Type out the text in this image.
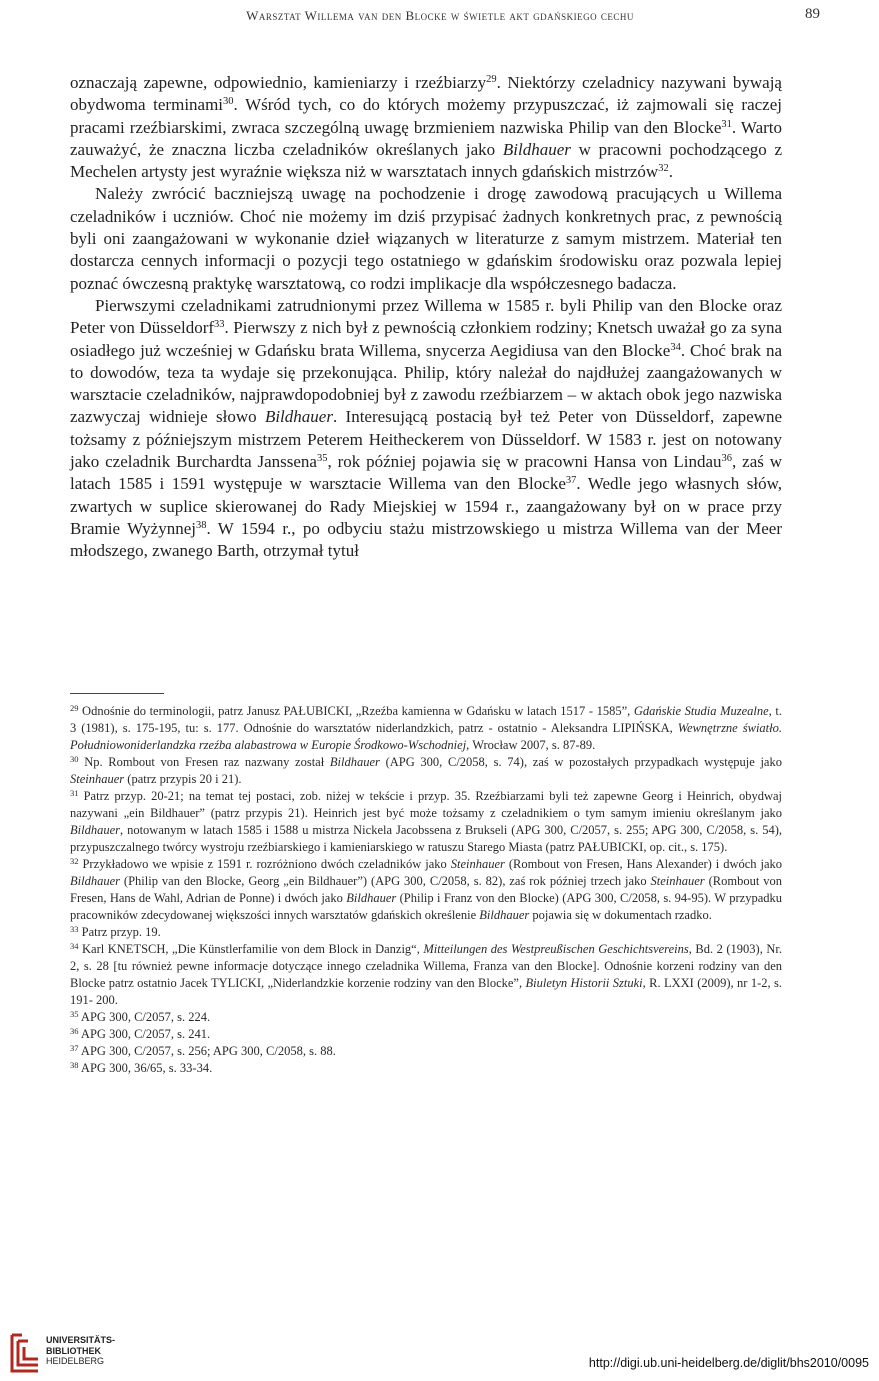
Warsztat Willema van den Blocke w świetle akt gdańskiego cechu	89

oznaczają zapewne, odpowiednio, kamieniarzy i rzeźbiarzy$^{29}$. Niektórzy czeladnicy nazywani bywają obydwoma terminami$^{30}$. Wśród tych, co do których możemy przypuszczać, iż zajmowali się raczej pracami rzeźbiarskimi, zwraca szczególną uwagę brzmieniem nazwiska Philip van den Blocke$^{31}$. Warto zauważyć, że znaczna liczba czeladników określanych jako Bildhauer w pracowni pochodzącego z Mechelen artysty jest wyraźnie większa niż w warsztatach innych gdańskich mistrzów$^{32}$.

Należy zwrócić baczniejszą uwagę na pochodzenie i drogę zawodową pracujących u Willema czeladników i uczniów. Choć nie możemy im dziś przypisać żadnych konkretnych prac, z pewnością byli oni zaangażowani w wykonanie dzieł wiązanych w literaturze z samym mistrzem. Materiał ten dostarcza cennych informacji o pozycji tego ostatniego w gdańskim środowisku oraz pozwala lepiej poznać ówczesną praktykę warsztatową, co rodzi implikacje dla współczesnego badacza.

Pierwszymi czeladnikami zatrudnionymi przez Willema w 1585 r. byli Philip van den Blocke oraz Peter von Düsseldorf$^{33}$. Pierwszy z nich był z pewnością członkiem rodziny; Knetsch uważał go za syna osiadłego już wcześniej w Gdańsku brata Willema, snycerza Aegidiusa van den Blocke$^{34}$. Choć brak na to dowodów, teza ta wydaje się przekonująca. Philip, który należał do najdłużej zaangażowanych w warsztacie czeladników, najprawdopodobniej był z zawodu rzeźbiarzem – w aktach obok jego nazwiska zazwyczaj widnieje słowo Bildhauer. Interesującą postacią był też Peter von Düsseldorf, zapewne tożsamy z późniejszym mistrzem Peterem Heitheckerem von Düsseldorf. W 1583 r. jest on notowany jako czeladnik Burchardta Janssena$^{35}$, rok później pojawia się w pracowni Hansa von Lindau$^{36}$, zaś w latach 1585 i 1591 występuje w warsztacie Willema van den Blocke$^{37}$. Wedle jego własnych słów, zwartych w suplice skierowanej do Rady Miejskiej w 1594 r., zaangażowany był on w prace przy Bramie Wyżynnej$^{38}$. W 1594 r., po odbyciu stażu mistrzowskiego u mistrza Willema van der Meer młodszego, zwanego Barth, otrzymał tytuł

$^{29}$ Odnośnie do terminologii, patrz Janusz PAŁUBICKI, „Rzeźba kamienna w Gdańsku w latach 1517 - 1585”, Gdańskie Studia Muzealne, t. 3 (1981), s. 175-195, tu: s. 177. Odnośnie do warsztatów niderlandzkich, patrz - ostatnio - Aleksandra LIPIŃSKA, Wewnętrzne światło. Południowoniderlandzka rzeźba alabastrowa w Europie Środkowo-Wschodniej, Wrocław 2007, s. 87-89.

$^{30}$ Np. Rombout von Fresen raz nazwany został Bildhauer (APG 300, C/2058, s. 74), zaś w pozostałych przypadkach występuje jako Steinhauer (patrz przypis 20 i 21).

$^{31}$ Patrz przyp. 20-21; na temat tej postaci, zob. niżej w tekście i przyp. 35. Rzeźbiarzami byli też zapewne Georg i Heinrich, obydwaj nazywani „ein Bildhauer” (patrz przypis 21). Heinrich jest być może tożsamy z czeladnikiem o tym samym imieniu określanym jako Bildhauer, notowanym w latach 1585 i 1588 u mistrza Nickela Jacobssena z Brukseli (APG 300, C/2057, s. 255; APG 300, C/2058, s. 54), przypuszczalnego twórcy wystroju rzeźbiarskiego i kamieniarskiego w ratuszu Starego Miasta (patrz PAŁUBICKI, op. cit., s. 175).

$^{32}$ Przykładowo we wpisie z 1591 r. rozróżniono dwóch czeladników jako Steinhauer (Rombout von Fresen, Hans Alexander) i dwóch jako Bildhauer (Philip van den Blocke, Georg „ein Bildhauer”) (APG 300, C/2058, s. 82), zaś rok później trzech jako Steinhauer (Rombout von Fresen, Hans de Wahl, Adrian de Ponne) i dwóch jako Bildhauer (Philip i Franz von den Blocke) (APG 300, C/2058, s. 94-95). W przypadku pracowników zdecydowanej większości innych warsztatów gdańskich określenie Bildhauer pojawia się w dokumentach rzadko.

$^{33}$ Patrz przyp. 19.

$^{34}$ Karl KNETSCH, „Die Künstlerfamilie von dem Block in Danzig“, Mitteilungen des Westpreußischen Geschichtsvereins, Bd. 2 (1903), Nr. 2, s. 28 [tu również pewne informacje dotyczące innego czeladnika Willema, Franza van den Blocke]. Odnośnie korzeni rodziny van den Blocke patrz ostatnio Jacek TYLICKI, „Niderlandzkie korzenie rodziny van den Blocke”, Biuletyn Historii Sztuki, R. LXXI (2009), nr 1-2, s. 191- 200.

$^{35}$ APG 300, C/2057, s. 224.

$^{36}$ APG 300, C/2057, s. 241.

$^{37}$ APG 300, C/2057, s. 256; APG 300, C/2058, s. 88.

$^{38}$ APG 300, 36/65, s. 33-34.

UNIVERSITÄTS-
BIBLIOTHEK
HEIDELBERG	http://digi.ub.uni-heidelberg.de/diglit/bhs2010/0095
